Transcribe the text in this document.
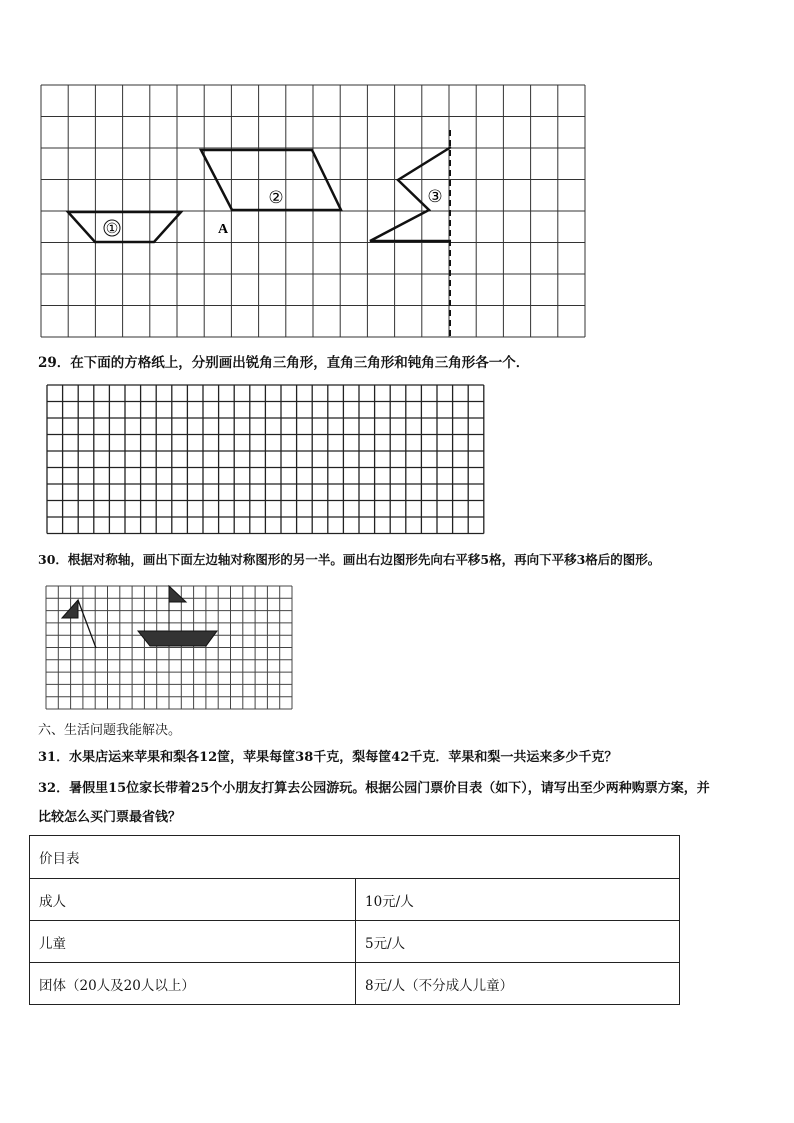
①
②
A
③
29．在下面的方格纸上，分别画出锐角三角形，直角三角形和钝角三角形各一个．
30．根据对称轴，画出下面左边轴对称图形的另一半。画出右边图形先向右平移5格，再向下平移3格后的图形。
六、生活问题我能解决。
31．水果店运来苹果和梨各12筐，苹果每筐38千克，梨每筐42千克．苹果和梨一共运来多少千克？
32．暑假里15位家长带着25个小朋友打算去公园游玩。根据公园门票价目表（如下），请写出至少两种购票方案，并
比较怎么买门票最省钱？
价目表	
成人	10元/人
儿童	5元/人
团体（20人及20人以上）	8元/人（不分成人儿童）
